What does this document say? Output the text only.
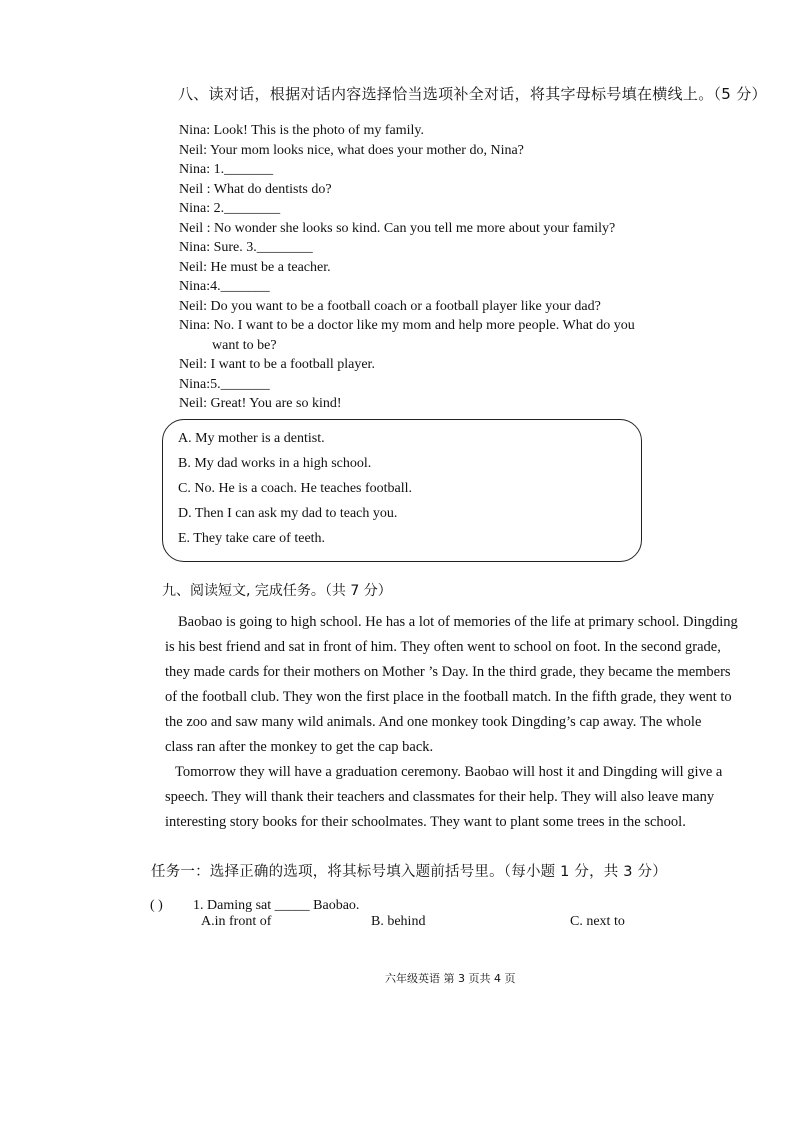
八、读对话，根据对话内容选择恰当选项补全对话，将其字母标号填在横线上。（5 分）
Nina: Look! This is the photo of my family.
Neil: Your mom looks nice, what does your mother do, Nina?
Nina: 1._______
Neil : What do dentists do?
Nina: 2.________
Neil : No wonder she looks so kind. Can you tell me more about your family?
Nina: Sure. 3.________
Neil: He must be a teacher.
Nina:4._______
Neil: Do you want to be a football coach or a football player like your dad?
Nina: No. I want to be a doctor like my mom and help more people. What do you
want to be?
Neil: I want to be a football player.
Nina:5._______
Neil: Great! You are so kind!
A. My mother is a dentist.
B. My dad works in a high school.
C. No. He is a coach. He teaches football.
D. Then I can ask my dad to teach you.
E. They take care of teeth.
九、阅读短文, 完成任务。（共 7 分）
Baobao is going to high school. He has a lot of memories of the life at primary school. Dingding
is his best friend and sat in front of him. They often went to school on foot. In the second grade,
they made cards for their mothers on Mother ’s Day. In the third grade, they became the members
of the football club. They won the first place in the football match. In the fifth grade, they went to
the zoo and saw many wild animals. And one monkey took Dingding’s cap away. The whole
class ran after the monkey to get the cap back.
Tomorrow they will have a graduation ceremony. Baobao will host it and Dingding will give a
speech. They will thank their teachers and classmates for their help. They will also leave many
interesting story books for their schoolmates. They want to plant some trees in the school.
任务一：选择正确的选项，将其标号填入题前括号里。（每小题 1 分，共 3 分）
( ) 1. Daming sat _____ Baobao.
A.in front of	B. behind	C. next to
六年级英语 第 3 页共 4 页
